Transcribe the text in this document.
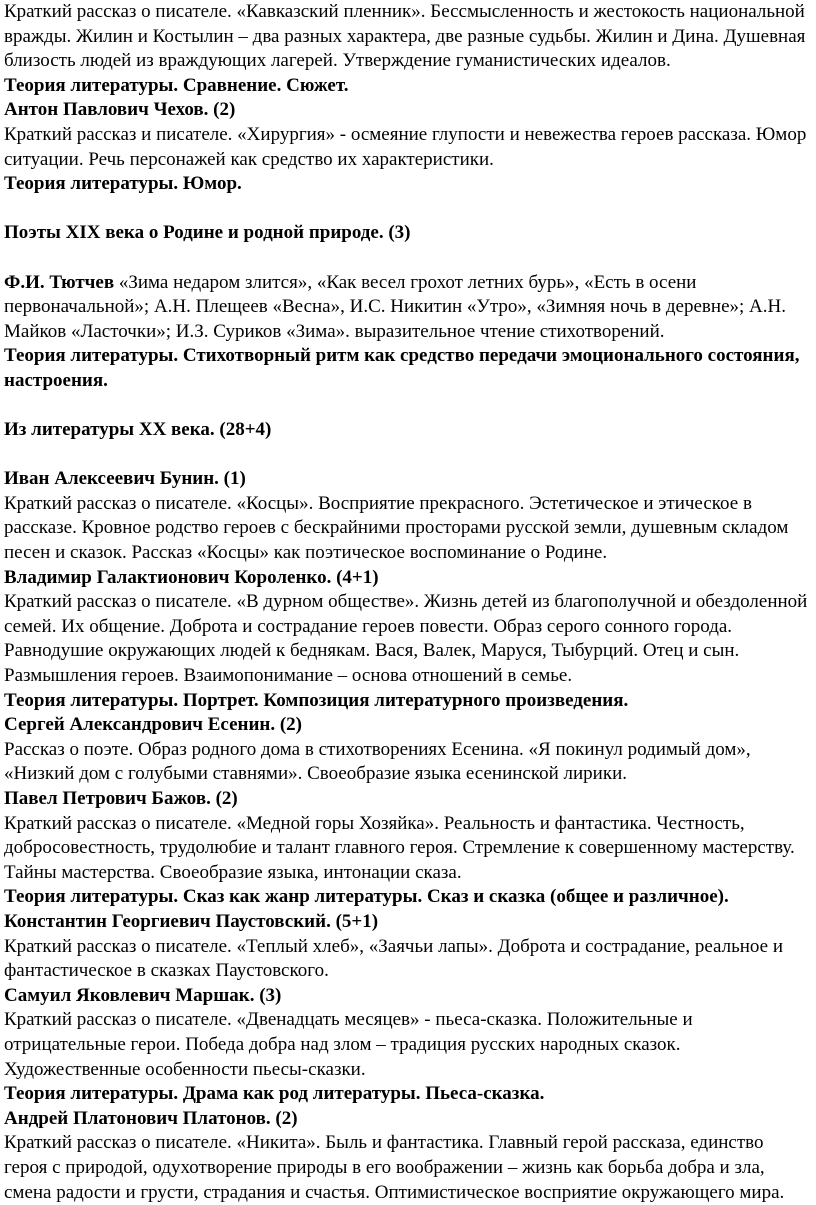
Краткий рассказ о писателе. «Кавказский пленник». Бессмысленность и жестокость национальной вражды. Жилин и Костылин – два разных характера, две разные судьбы. Жилин и Дина. Душевная близость людей из враждующих лагерей. Утверждение гуманистических идеалов.

Теория литературы. Сравнение. Сюжет.

Антон Павлович Чехов. (2)

Краткий рассказ и писателе. «Хирургия» - осмеяние глупости и невежества героев рассказа. Юмор ситуации. Речь персонажей как средство их характеристики.

Теория литературы. Юмор.

Поэты XIX века о Родине и родной природе. (3)

Ф.И. Тютчев «Зима недаром злится», «Как весел грохот летних бурь», «Есть в осени первоначальной»; А.Н. Плещеев «Весна», И.С. Никитин «Утро», «Зимняя ночь в деревне»; А.Н. Майков «Ласточки»; И.З. Суриков «Зима». выразительное чтение стихотворений.

Теория литературы. Стихотворный ритм как средство передачи эмоционального состояния, настроения.

Из литературы XX века. (28+4)

Иван Алексеевич Бунин. (1)

Краткий рассказ о писателе. «Косцы». Восприятие прекрасного. Эстетическое и этическое в рассказе. Кровное родство героев с бескрайними просторами русской земли, душевным складом песен и сказок. Рассказ «Косцы» как поэтическое воспоминание о Родине.

Владимир Галактионович Короленко. (4+1)

Краткий рассказ о писателе. «В дурном обществе». Жизнь детей из благополучной и обездоленной семей. Их общение. Доброта и сострадание героев повести. Образ серого сонного города. Равнодушие окружающих людей к беднякам. Вася, Валек, Маруся, Тыбурций. Отец и сын. Размышления героев. Взаимопонимание – основа отношений в семье.

Теория литературы. Портрет. Композиция литературного произведения.

Сергей Александрович Есенин. (2)

Рассказ о поэте. Образ родного дома в стихотворениях Есенина. «Я покинул родимый дом», «Низкий дом с голубыми ставнями». Своеобразие языка есенинской лирики.

Павел Петрович Бажов. (2)

Краткий рассказ о писателе. «Медной горы Хозяйка». Реальность и фантастика. Честность, добросовестность, трудолюбие и талант главного героя. Стремление к совершенному мастерству. Тайны мастерства. Своеобразие языка, интонации сказа.

Теория литературы. Сказ как жанр литературы. Сказ и сказка (общее и различное).

Константин Георгиевич Паустовский. (5+1)

Краткий рассказ о писателе. «Теплый хлеб», «Заячьи лапы». Доброта и сострадание, реальное и фантастическое в сказках Паустовского.

Самуил Яковлевич Маршак. (3)

Краткий рассказ о писателе. «Двенадцать месяцев» - пьеса-сказка. Положительные и отрицательные герои. Победа добра над злом – традиция русских народных сказок. Художественные особенности пьесы-сказки.

Теория литературы. Драма как род литературы. Пьеса-сказка.

Андрей Платонович Платонов. (2)

Краткий рассказ о писателе. «Никита». Быль и фантастика. Главный герой рассказа, единство героя с природой, одухотворение природы в его воображении – жизнь как борьба добра и зла, смена радости и грусти, страдания и счастья. Оптимистическое восприятие окружающего мира.
